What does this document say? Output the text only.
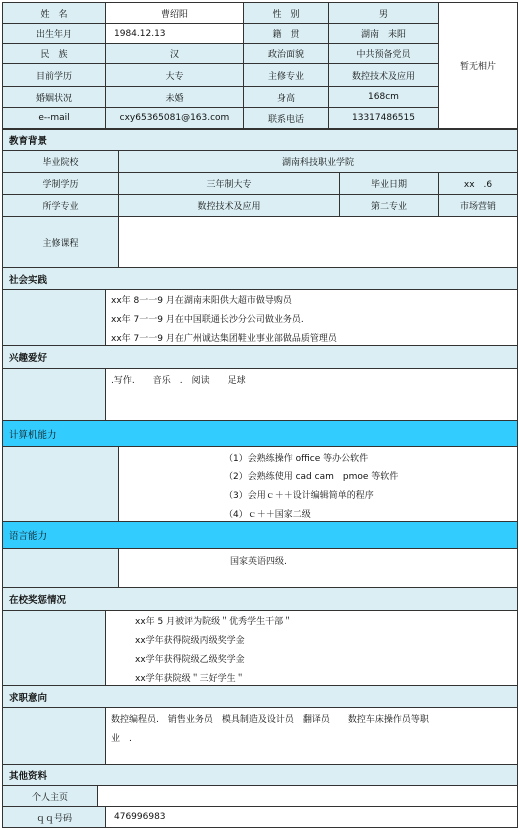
姓　名	曹绍阳	性　别	男
出生年月	1984.12.13	籍　贯	湖南　耒阳
民　族	汉	政治面貌	中共预备党员
目前学历	大专	主修专业	数控技术及应用
婚姻状况	未婚	身高	168cm
e--mail	cxy65365081@163.com	联系电话	13317486515
暂无相片
教育背景
毕业院校	湖南科技职业学院
学制学历	三年制大专	毕业日期	xx　.6
所学专业	数控技术及应用	第二专业	市场营销
主修课程
社会实践
xx年 8一一9 月在湖南耒阳供大超市做导购员
xx年 7一一9 月在中国联通长沙分公司做业务员.
xx年 7一一9 月在广州诚达集团鞋业事业部做品质管理员
兴趣爱好
.写作.　　音乐　.　阅读　　足球
计算机能力
（1）会熟练操作 office 等办公软件
（2）会熟练使用 cad cam　pmoe 等软件
（3）会用ｃ＋＋设计编辑简单的程序
（4）ｃ＋＋国家二级
语言能力
国家英语四级.
在校奖惩情况
xx年 5 月被评为院级＂优秀学生干部＂
xx学年获得院级丙级奖学金
xx学年获得院级乙级奖学金
xx学年获院级＂三好学生＂
求职意向
数控编程员.　销售业务员　模具制造及设计员　翻译员　　数控车床操作员等职
业　.
其他资料
个人主页
ｑｑ号码	476996983
